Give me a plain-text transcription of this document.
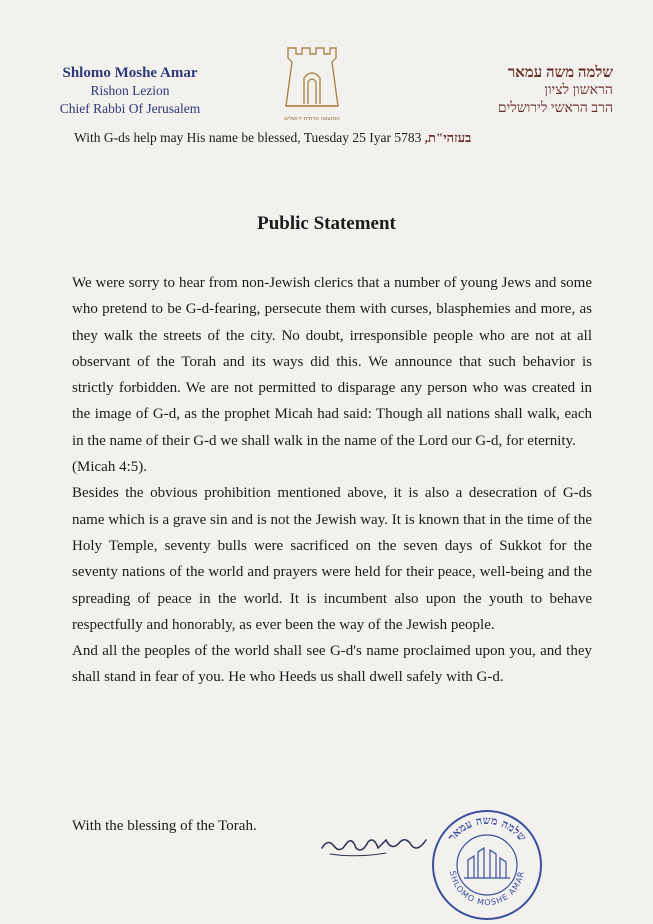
Shlomo Moshe Amar
Rishon Lezion
Chief Rabbi Of Jerusalem
המועצה הדתית ירושלים
שלמה משה עמאר
הראשון לציון
הרב הראשי לירושלים
With G-ds help may His name be blessed, Tuesday 25 Iyar 5783 בעזהי"ת,
Public Statement

We were sorry to hear from non-Jewish clerics that a number of young Jews and some who pretend to be G-d-fearing, persecute them with curses, blasphemies and more, as they walk the streets of the city. No doubt, irresponsible people who are not at all observant of the Torah and its ways did this. We announce that such behavior is strictly forbidden. We are not permitted to disparage any person who was created in the image of G-d, as the prophet Micah had said: Though all nations shall walk, each in the name of their G-d we shall walk in the name of the Lord our G-d, for eternity.

(Micah 4:5).

Besides the obvious prohibition mentioned above, it is also a desecration of G-ds name which is a grave sin and is not the Jewish way. It is known that in the time of the Holy Temple, seventy bulls were sacrificed on the seven days of Sukkot for the seventy nations of the world and prayers were held for their peace, well-being and the spreading of peace in the world. It is incumbent also upon the youth to behave respectfully and honorably, as ever been the way of the Jewish people.

And all the peoples of the world shall see G-d's name proclaimed upon you, and they shall stand in fear of you. He who Heeds us shall dwell safely with G-d.

With the blessing of the Torah.
שלמה משה עמאר
SHLOMO MOSHE AMAR
